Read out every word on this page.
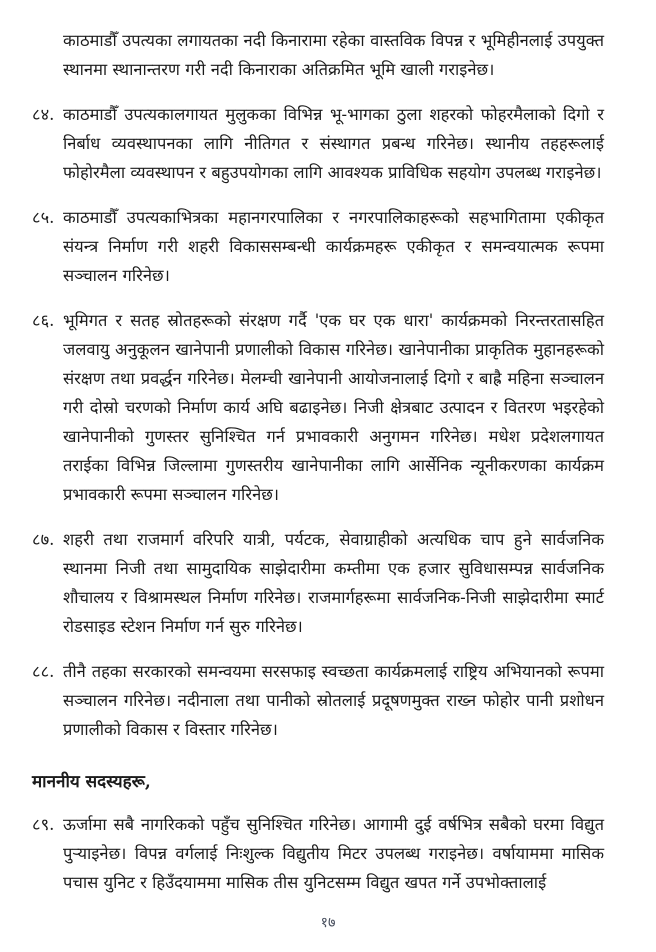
काठमाडौँ उपत्यका लगायतका नदी किनारामा रहेका वास्तविक विपन्न र भूमिहीनलाई उपयुक्त स्थानमा स्थानान्तरण गरी नदी किनाराका अतिक्रमित भूमि खाली गराइनेछ।
८४. काठमाडौँ उपत्यकालगायत मुलुकका विभिन्न भू-भागका ठुला शहरको फोहरमैलाको दिगो र निर्बाध व्यवस्थापनका लागि नीतिगत र संस्थागत प्रबन्ध गरिनेछ। स्थानीय तहहरूलाई फोहोरमैला व्यवस्थापन र बहुउपयोगका लागि आवश्यक प्राविधिक सहयोग उपलब्ध गराइनेछ।
८५. काठमाडौँ उपत्यकाभित्रका महानगरपालिका र नगरपालिकाहरूको सहभागितामा एकीकृत संयन्त्र निर्माण गरी शहरी विकाससम्बन्धी कार्यक्रमहरू एकीकृत र समन्वयात्मक रूपमा सञ्चालन गरिनेछ।
८६. भूमिगत र सतह स्रोतहरूको संरक्षण गर्दै 'एक घर एक धारा' कार्यक्रमको निरन्तरतासहित जलवायु अनुकूलन खानेपानी प्रणालीको विकास गरिनेछ। खानेपानीका प्राकृतिक मुहानहरूको संरक्षण तथा प्रवर्द्धन गरिनेछ। मेलम्ची खानेपानी आयोजनालाई दिगो र बाह्रै महिना सञ्चालन गरी दोस्रो चरणको निर्माण कार्य अघि बढाइनेछ। निजी क्षेत्रबाट उत्पादन र वितरण भइरहेको खानेपानीको गुणस्तर सुनिश्चित गर्न प्रभावकारी अनुगमन गरिनेछ। मधेश प्रदेशलगायत तराईका विभिन्न जिल्लामा गुणस्तरीय खानेपानीका लागि आर्सेनिक न्यूनीकरणका कार्यक्रम प्रभावकारी रूपमा सञ्चालन गरिनेछ।
८७. शहरी तथा राजमार्ग वरिपरि यात्री, पर्यटक, सेवाग्राहीको अत्यधिक चाप हुने सार्वजनिक स्थानमा निजी तथा सामुदायिक साझेदारीमा कम्तीमा एक हजार सुविधासम्पन्न सार्वजनिक शौचालय र विश्रामस्थल निर्माण गरिनेछ। राजमार्गहरूमा सार्वजनिक-निजी साझेदारीमा स्मार्ट रोडसाइड स्टेशन निर्माण गर्न सुरु गरिनेछ।
८८. तीनै तहका सरकारको समन्वयमा सरसफाइ स्वच्छता कार्यक्रमलाई राष्ट्रिय अभियानको रूपमा सञ्चालन गरिनेछ। नदीनाला तथा पानीको स्रोतलाई प्रदूषणमुक्त राख्न फोहोर पानी प्रशोधन प्रणालीको विकास र विस्तार गरिनेछ।
माननीय सदस्यहरू,
८९. ऊर्जामा सबै नागरिकको पहुँच सुनिश्चित गरिनेछ। आगामी दुई वर्षभित्र सबैको घरमा विद्युत पुऱ्याइनेछ। विपन्न वर्गलाई निःशुल्क विद्युतीय मिटर उपलब्ध गराइनेछ। वर्षायाममा मासिक पचास युनिट र हिउँदयाममा मासिक तीस युनिटसम्म विद्युत खपत गर्ने उपभोक्तालाई
१७
